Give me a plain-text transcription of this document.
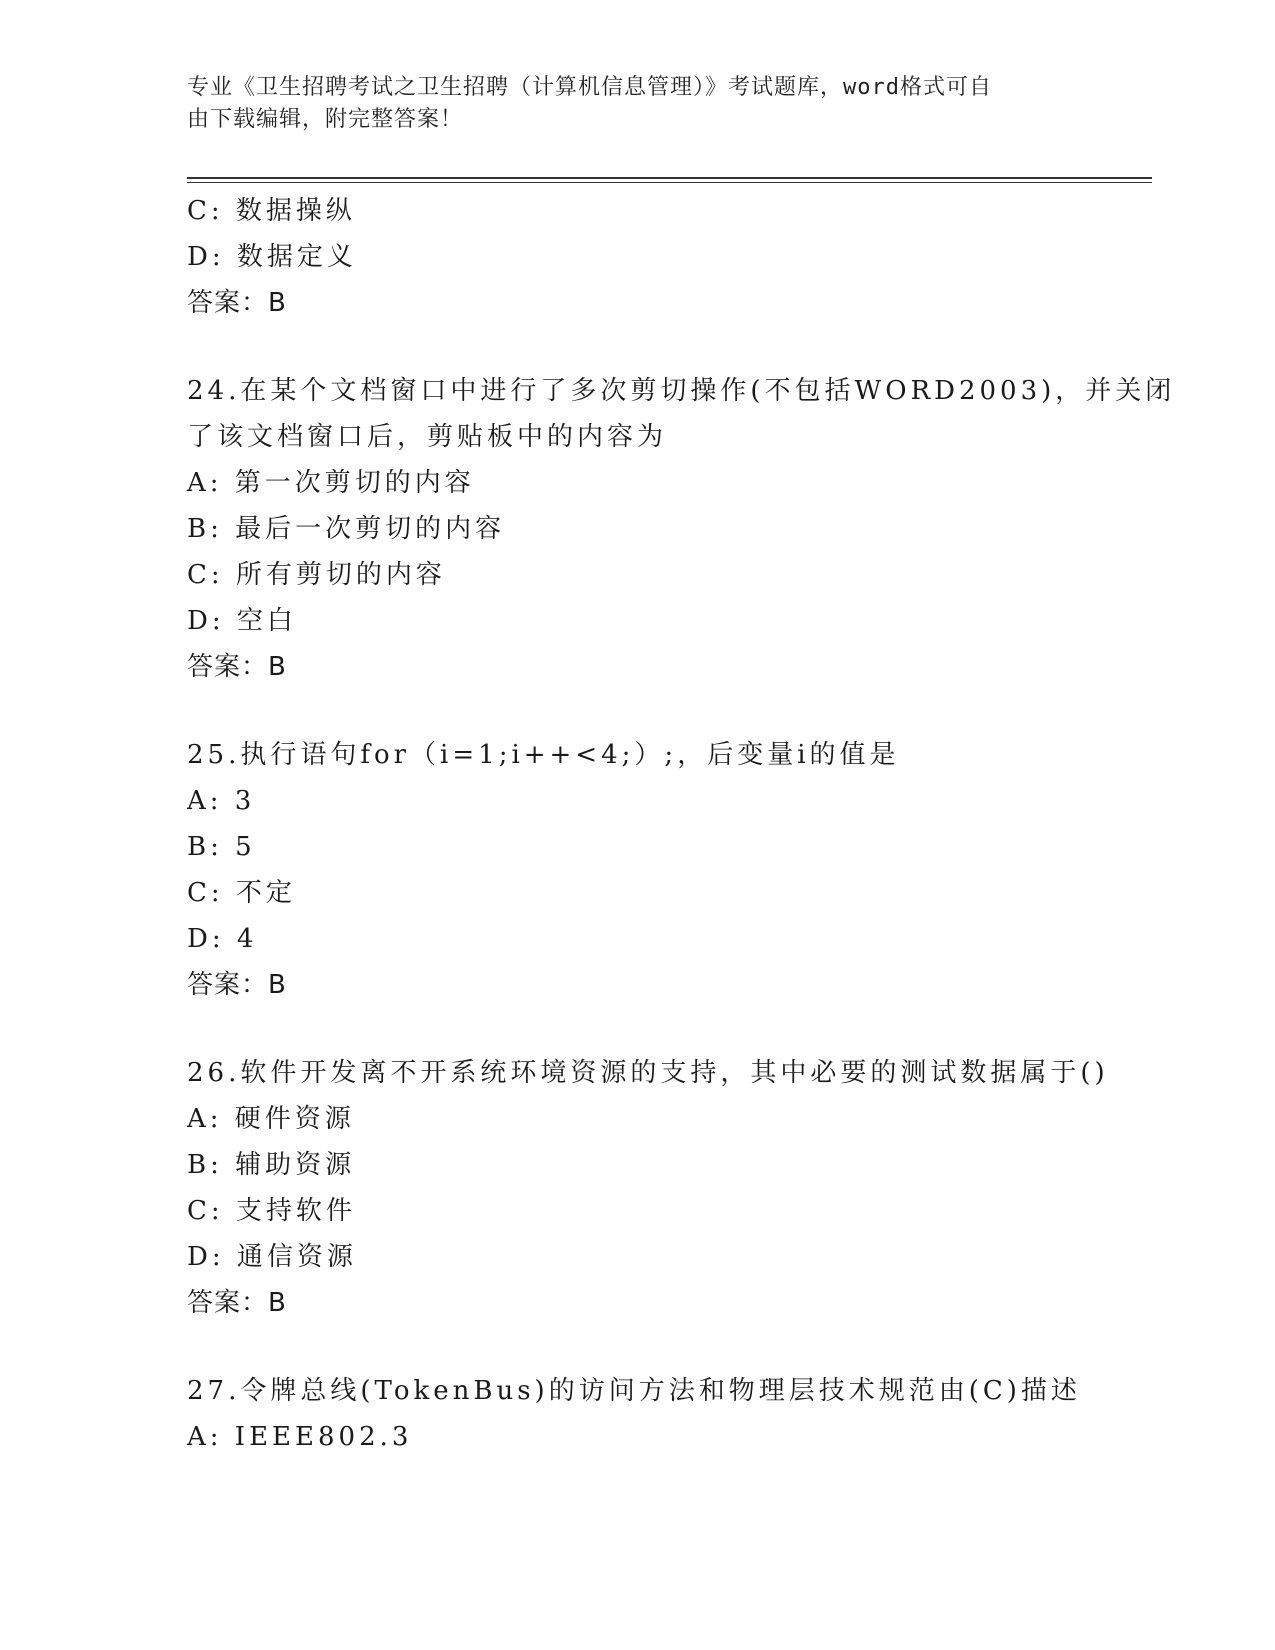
专业《卫生招聘考试之卫生招聘（计算机信息管理）》考试题库，word格式可自
由下载编辑，附完整答案！
C: 数据操纵
D: 数据定义
答案：B
24.在某个文档窗口中进行了多次剪切操作(不包括WORD2003)，并关闭
了该文档窗口后，剪贴板中的内容为
A: 第一次剪切的内容
B: 最后一次剪切的内容
C: 所有剪切的内容
D: 空白
答案：B
25.执行语句for（i=1;i++<4;）;，后变量i的值是
A: 3
B: 5
C: 不定
D: 4
答案：B
26.软件开发离不开系统环境资源的支持，其中必要的测试数据属于()
A: 硬件资源
B: 辅助资源
C: 支持软件
D: 通信资源
答案：B
27.令牌总线(TokenBus)的访问方法和物理层技术规范由(C)描述
A: IEEE802.3
